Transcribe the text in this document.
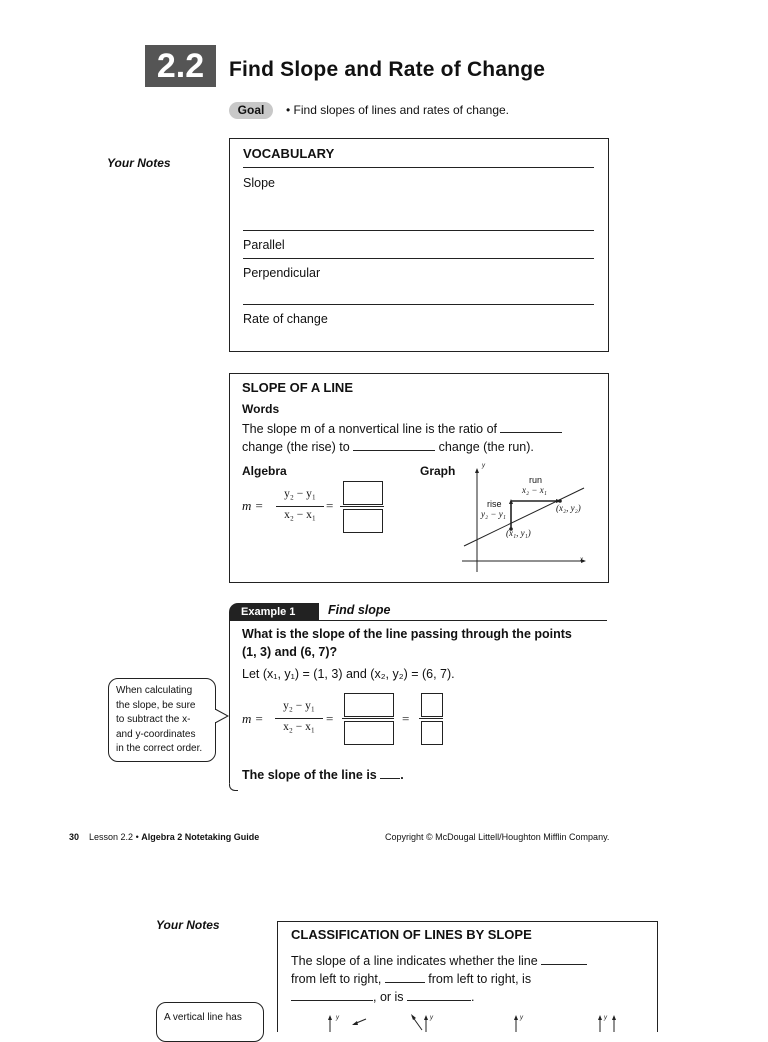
2.2	Find Slope and Rate of Change
Goal	• Find slopes of lines and rates of change.
Your Notes
VOCABULARY
Slope
Parallel
Perpendicular
Rate of change
SLOPE OF A LINE
Words
The slope m of a nonvertical line is the ratio of
change (the rise) to	change (the run).
Algebra	Graph
m =
y₂ − y₁
x₂ − x₁
=
y
x
run
x₂ − x₁
rise
y₂ − y₁
(x₁, y₁)
(x₂, y₂)
Example 1	Find slope
What is the slope of the line passing through the points
(1, 3) and (6, 7)?
Let (x₁, y₁) = (1, 3) and (x₂, y₂) = (6, 7).
m =
y₂ − y₁
x₂ − x₁
=	=
The slope of the line is .
When calculating
the slope, be sure
to subtract the x-
and y-coordinates
in the correct order.
30 Lesson 2.2 • Algebra 2 Notetaking Guide	Copyright © McDougal Littell/Houghton Mifflin Company.
Your Notes
CLASSIFICATION OF LINES BY SLOPE
The slope of a line indicates whether the line
from left to right,	from left to right, is
, or is	.
y	y	y	y
A vertical line has
